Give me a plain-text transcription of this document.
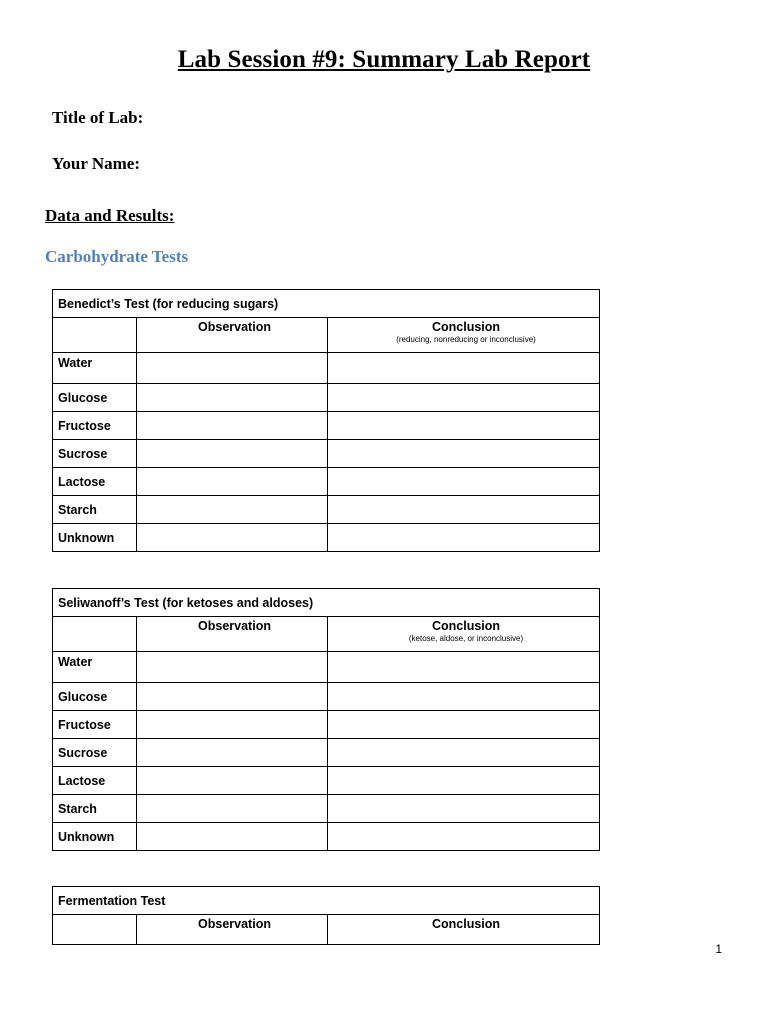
Lab Session #9: Summary Lab Report
Title of Lab:
Your Name:
Data and Results:
Carbohydrate Tests
Benedict’s Test (for reducing sugars)		
	Observation	Conclusion
(reducing, nonreducing or inconclusive)

Water		
Glucose		
Fructose		
Sucrose		
Lactose		
Starch		
Unknown		
Seliwanoff’s Test (for ketoses and aldoses)		
	Observation	Conclusion
(ketose, aldose, or inconclusive)

Water		
Glucose		
Fructose		
Sucrose		
Lactose		
Starch		
Unknown		
Fermentation Test
	Observation	Conclusion
1
